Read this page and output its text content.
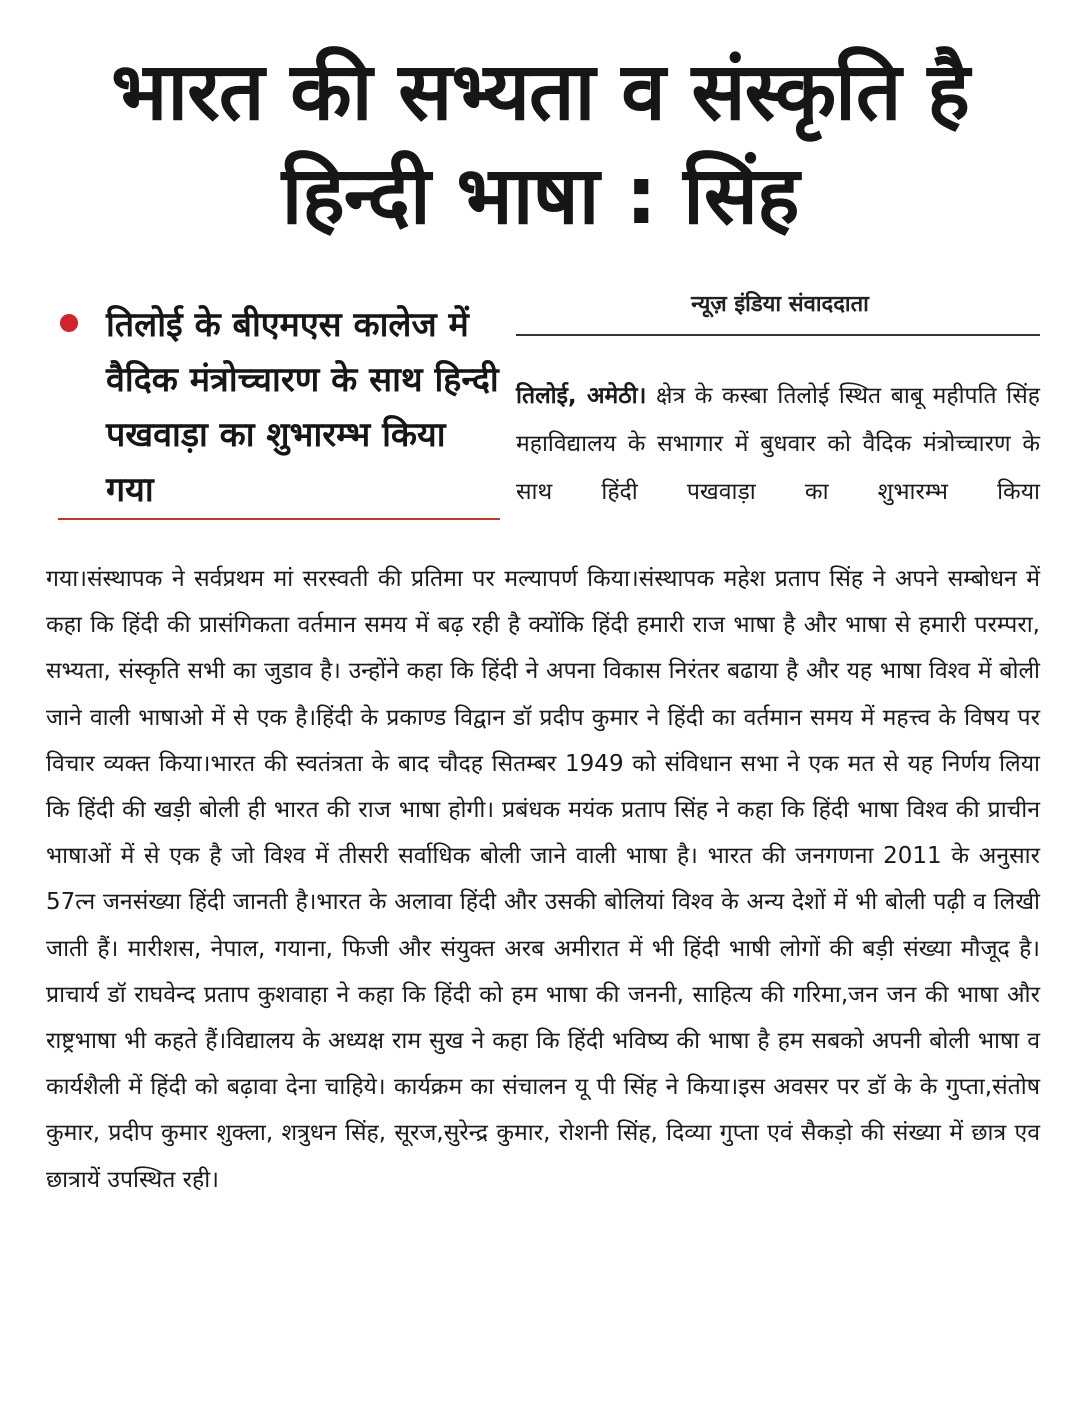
भारत की सभ्यता व संस्कृति है
हिन्दी भाषा : सिंह
तिलोई के बीएमएस कालेज में वैदिक मंत्रोच्चारण के साथ हिन्दी पखवाड़ा का शुभारम्भ किया गया
न्यूज़ इंडिया संवाददाता
तिलोई, अमेठी। क्षेत्र के कस्बा तिलोई स्थित बाबू महीपति सिंह महाविद्यालय के सभागार में बुधवार को वैदिक मंत्रोच्चारण के साथ हिंदी पखवाड़ा का शुभारम्भ किया
गया।संस्थापक ने सर्वप्रथम मां सरस्वती की प्रतिमा पर मल्यापर्ण किया।संस्थापक महेश प्रताप सिंह ने अपने सम्बोधन में कहा कि हिंदी की प्रासंगिकता वर्तमान समय में बढ़ रही है क्योंकि हिंदी हमारी राज भाषा है और भाषा से हमारी परम्परा, सभ्यता, संस्कृति सभी का जुडाव है। उन्होंने कहा कि हिंदी ने अपना विकास निरंतर बढाया है और यह भाषा विश्व में बोली जाने वाली भाषाओ में से एक है।हिंदी के प्रकाण्ड विद्वान डॉ प्रदीप कुमार ने हिंदी का वर्तमान समय में महत्त्व के विषय पर विचार व्यक्त किया।भारत की स्वतंत्रता के बाद चौदह सितम्बर 1949 को संविधान सभा ने एक मत से यह निर्णय लिया कि हिंदी की खड़ी बोली ही भारत की राज भाषा होगी। प्रबंधक मयंक प्रताप सिंह ने कहा कि हिंदी भाषा विश्व की प्राचीन भाषाओं में से एक है जो विश्व में तीसरी सर्वाधिक बोली जाने वाली भाषा है। भारत की जनगणना 2011 के अनुसार 57त्न जनसंख्या हिंदी जानती है।भारत के अलावा हिंदी और उसकी बोलियां विश्व के अन्य देशों में भी बोली पढ़ी व लिखी जाती हैं। मारीशस, नेपाल, गयाना, फिजी और संयुक्त अरब अमीरात में भी हिंदी भाषी लोगों की बड़ी संख्या मौजूद है।प्राचार्य डॉ राघवेन्द प्रताप कुशवाहा ने कहा कि हिंदी को हम भाषा की जननी, साहित्य की गरिमा,जन जन की भाषा और राष्ट्रभाषा भी कहते हैं।विद्यालय के अध्यक्ष राम सुख ने कहा कि हिंदी भविष्य की भाषा है हम सबको अपनी बोली भाषा व कार्यशैली में हिंदी को बढ़ावा देना चाहिये। कार्यक्रम का संचालन यू पी सिंह ने किया।इस अवसर पर डॉ के के गुप्ता,संतोष कुमार, प्रदीप कुमार शुक्ला, शत्रुधन सिंह, सूरज,सुरेन्द्र कुमार, रोशनी सिंह, दिव्या गुप्ता एवं सैकड़ो की संख्या में छात्र एव छात्रायें उपस्थित रही।
